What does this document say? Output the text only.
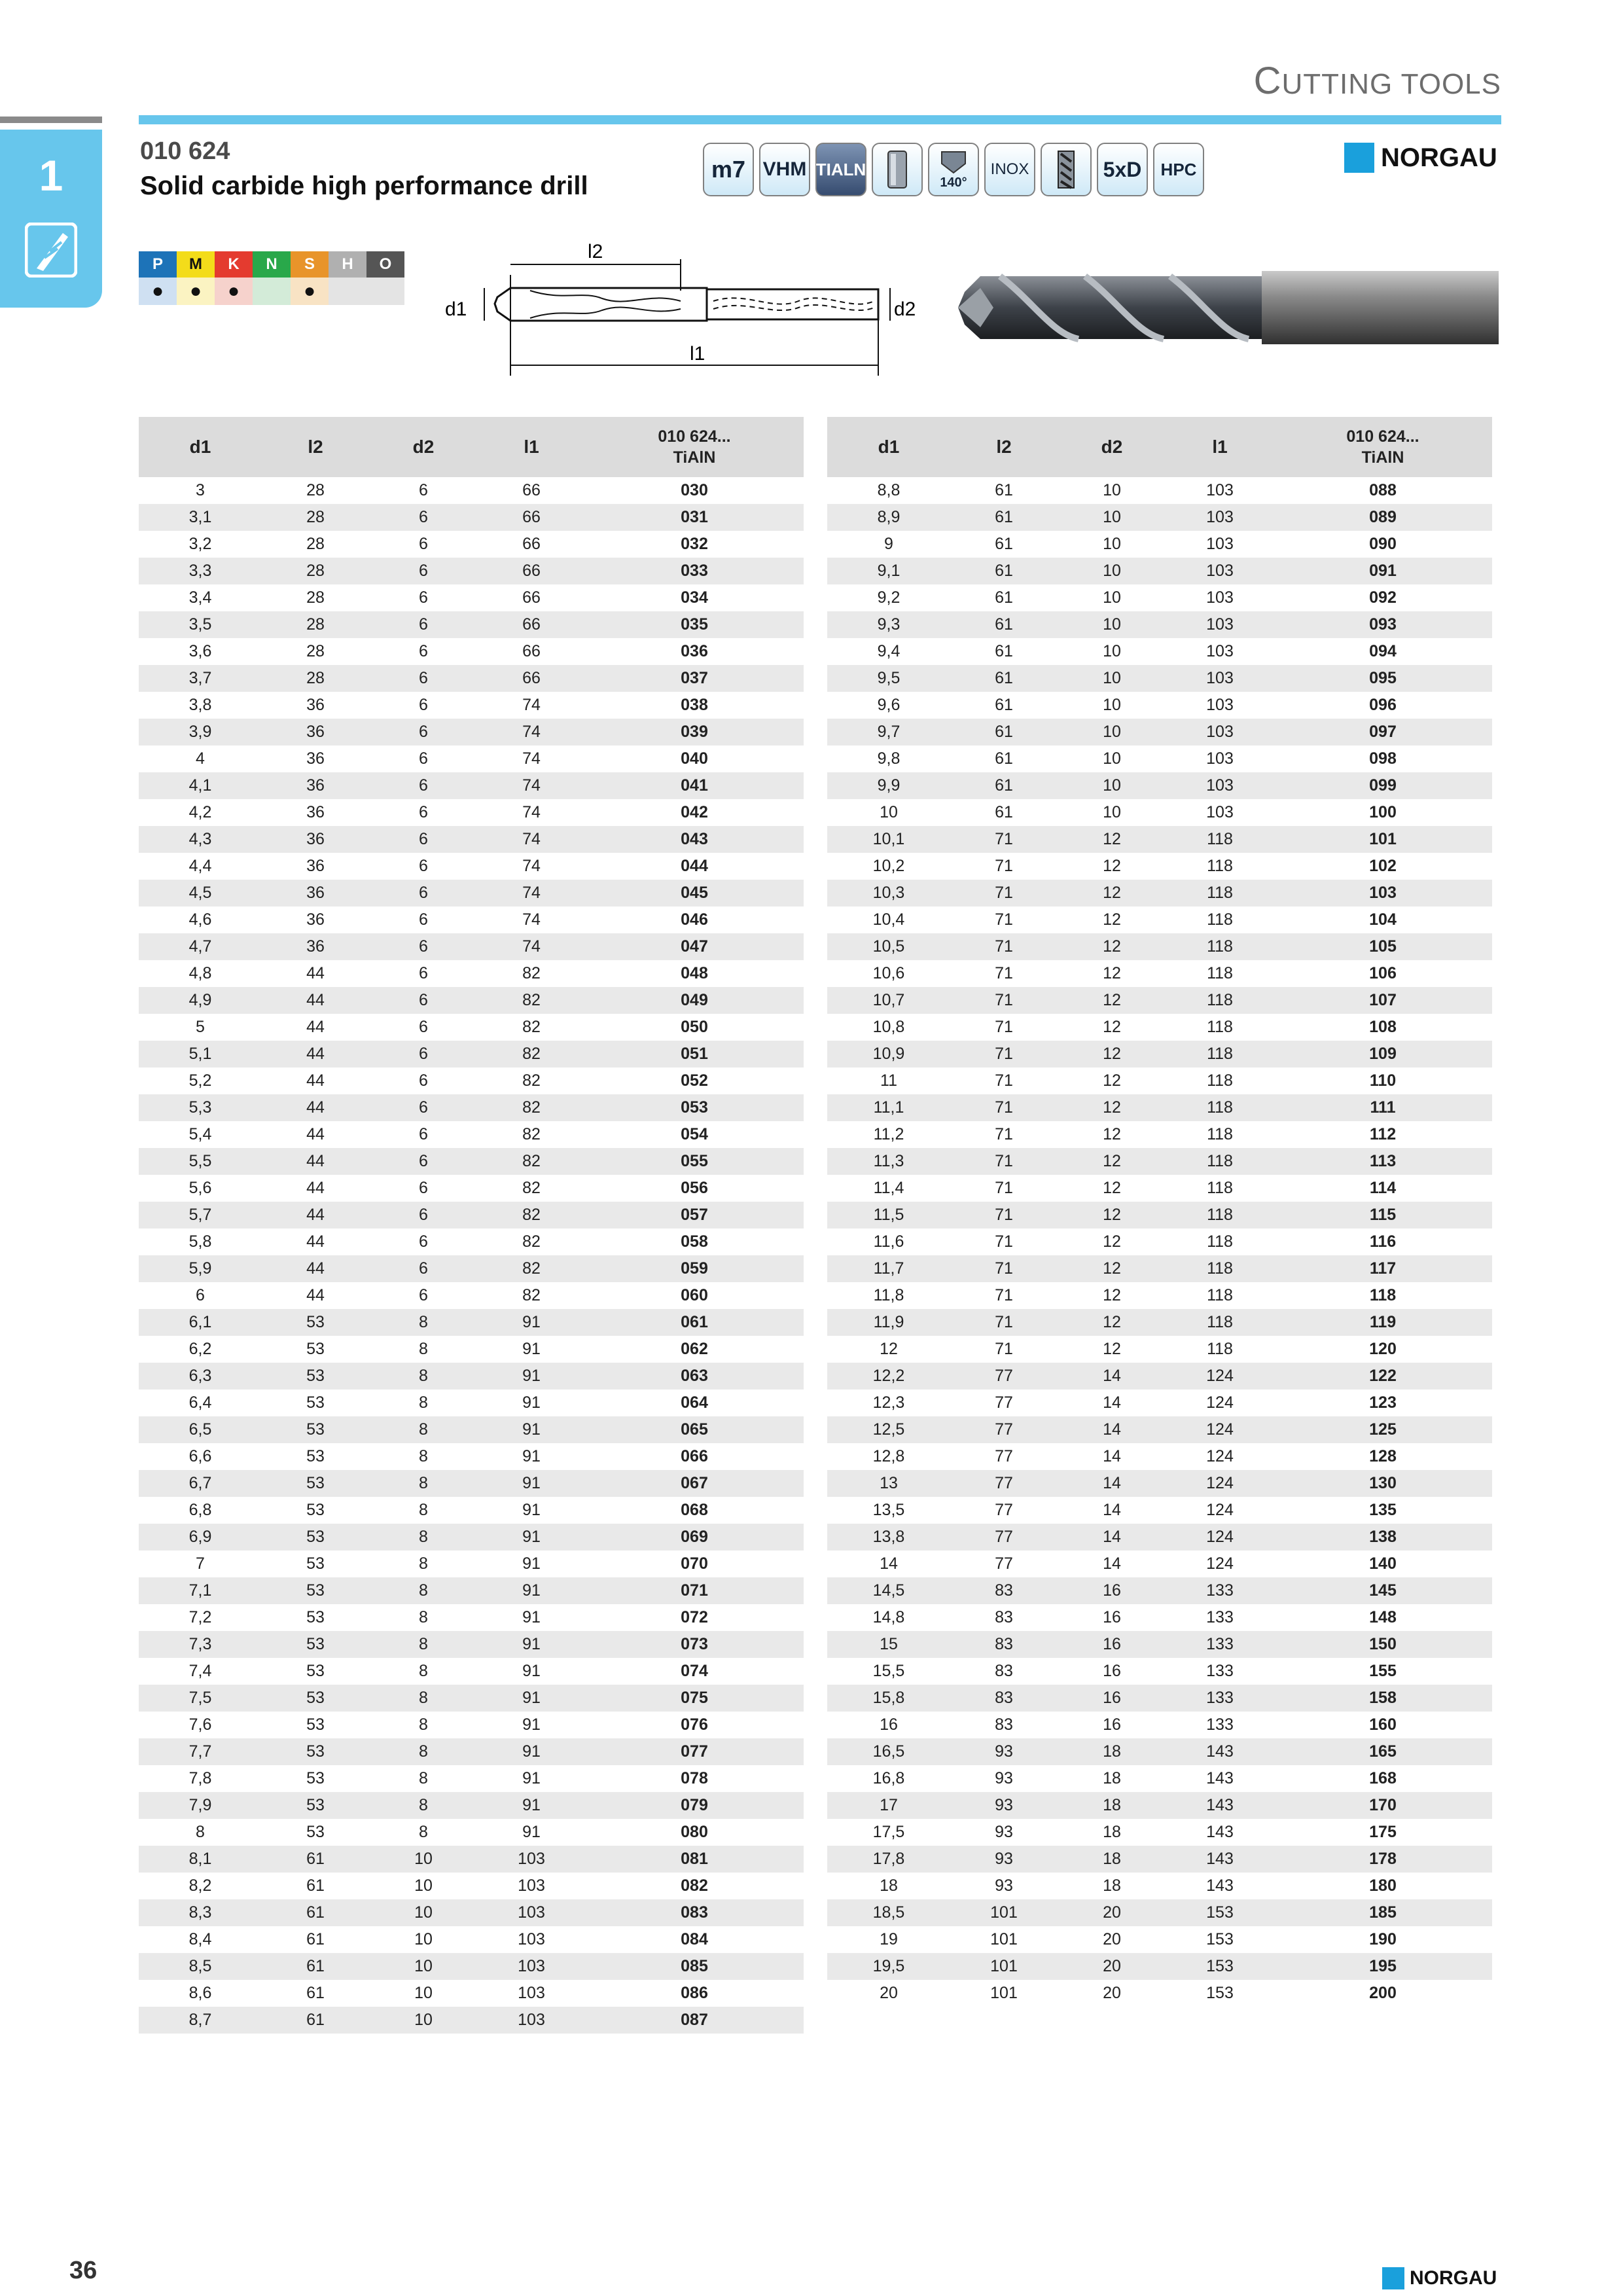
CUTTING TOOLS
1	010 624
Solid carbide high performance drill
m7 VHM TIALN
140°
INOX	5xD	HPC	NORGAU
P	M	K	N	S	H	O
●	●	●		●		
l2
d1	d2
l1
d1	l2	d2	l1	010 624...
TiAlN

3	28	6	66	030
3,1	28	6	66	031
3,2	28	6	66	032
3,3	28	6	66	033
3,4	28	6	66	034
3,5	28	6	66	035
3,6	28	6	66	036
3,7	28	6	66	037
3,8	36	6	74	038
3,9	36	6	74	039
4	36	6	74	040
4,1	36	6	74	041
4,2	36	6	74	042
4,3	36	6	74	043
4,4	36	6	74	044
4,5	36	6	74	045
4,6	36	6	74	046
4,7	36	6	74	047
4,8	44	6	82	048
4,9	44	6	82	049
5	44	6	82	050
5,1	44	6	82	051
5,2	44	6	82	052
5,3	44	6	82	053
5,4	44	6	82	054
5,5	44	6	82	055
5,6	44	6	82	056
5,7	44	6	82	057
5,8	44	6	82	058
5,9	44	6	82	059
6	44	6	82	060
6,1	53	8	91	061
6,2	53	8	91	062
6,3	53	8	91	063
6,4	53	8	91	064
6,5	53	8	91	065
6,6	53	8	91	066
6,7	53	8	91	067
6,8	53	8	91	068
6,9	53	8	91	069
7	53	8	91	070
7,1	53	8	91	071
7,2	53	8	91	072
7,3	53	8	91	073
7,4	53	8	91	074
7,5	53	8	91	075
7,6	53	8	91	076
7,7	53	8	91	077
7,8	53	8	91	078
7,9	53	8	91	079
8	53	8	91	080
8,1	61	10	103	081
8,2	61	10	103	082
8,3	61	10	103	083
8,4	61	10	103	084
8,5	61	10	103	085
8,6	61	10	103	086
8,7	61	10	103	087
d1	l2	d2	l1	010 624...
TiAlN

8,8	61	10	103	088
8,9	61	10	103	089
9	61	10	103	090
9,1	61	10	103	091
9,2	61	10	103	092
9,3	61	10	103	093
9,4	61	10	103	094
9,5	61	10	103	095
9,6	61	10	103	096
9,7	61	10	103	097
9,8	61	10	103	098
9,9	61	10	103	099
10	61	10	103	100
10,1	71	12	118	101
10,2	71	12	118	102
10,3	71	12	118	103
10,4	71	12	118	104
10,5	71	12	118	105
10,6	71	12	118	106
10,7	71	12	118	107
10,8	71	12	118	108
10,9	71	12	118	109
11	71	12	118	110
11,1	71	12	118	111
11,2	71	12	118	112
11,3	71	12	118	113
11,4	71	12	118	114
11,5	71	12	118	115
11,6	71	12	118	116
11,7	71	12	118	117
11,8	71	12	118	118
11,9	71	12	118	119
12	71	12	118	120
12,2	77	14	124	122
12,3	77	14	124	123
12,5	77	14	124	125
12,8	77	14	124	128
13	77	14	124	130
13,5	77	14	124	135
13,8	77	14	124	138
14	77	14	124	140
14,5	83	16	133	145
14,8	83	16	133	148
15	83	16	133	150
15,5	83	16	133	155
15,8	83	16	133	158
16	83	16	133	160
16,5	93	18	143	165
16,8	93	18	143	168
17	93	18	143	170
17,5	93	18	143	175
17,8	93	18	143	178
18	93	18	143	180
18,5	101	20	153	185
19	101	20	153	190
19,5	101	20	153	195
20	101	20	153	200
36	NORGAU
